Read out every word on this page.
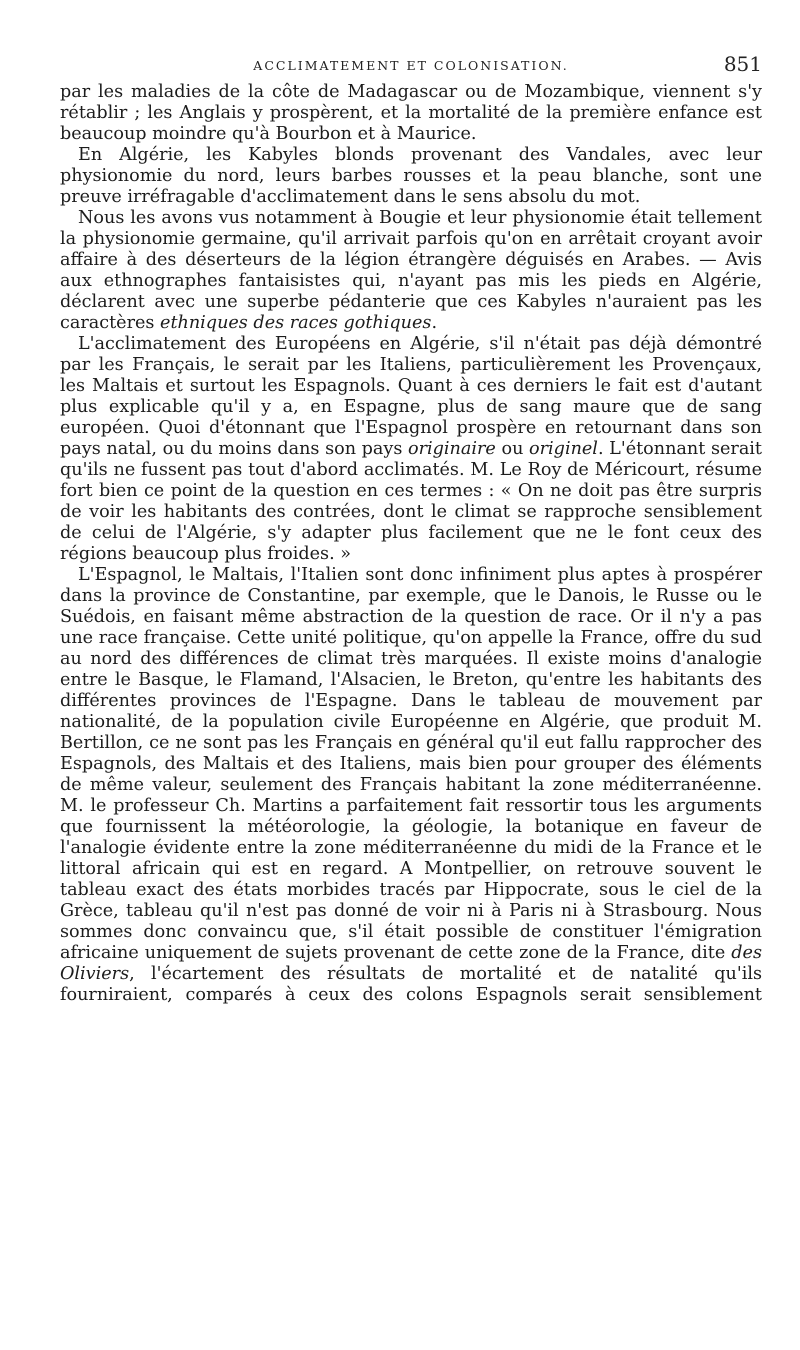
ACCLIMATEMENT ET COLONISATION.	851

par les maladies de la côte de Madagascar ou de Mozambique, viennent s'y rétablir ; les Anglais y prospèrent, et la mortalité de la première enfance est beaucoup moindre qu'à Bourbon et à Maurice.

En Algérie, les Kabyles blonds provenant des Vandales, avec leur physionomie du nord, leurs barbes rousses et la peau blanche, sont une preuve irréfragable d'acclimatement dans le sens absolu du mot.

Nous les avons vus notamment à Bougie et leur physionomie était tellement la physionomie germaine, qu'il arrivait parfois qu'on en arrêtait croyant avoir affaire à des déserteurs de la légion étrangère déguisés en Arabes. — Avis aux ethnographes fantaisistes qui, n'ayant pas mis les pieds en Algérie, déclarent avec une superbe pédanterie que ces Kabyles n'auraient pas les caractères ethniques des races gothiques.

L'acclimatement des Européens en Algérie, s'il n'était pas déjà démontré par les Français, le serait par les Italiens, particulièrement les Provençaux, les Maltais et surtout les Espagnols. Quant à ces derniers le fait est d'autant plus explicable qu'il y a, en Espagne, plus de sang maure que de sang européen. Quoi d'étonnant que l'Espagnol prospère en retournant dans son pays natal, ou du moins dans son pays originaire ou originel. L'étonnant serait qu'ils ne fussent pas tout d'abord acclimatés. M. Le Roy de Méricourt, résume fort bien ce point de la question en ces termes : « On ne doit pas être surpris de voir les habitants des contrées, dont le climat se rapproche sensiblement de celui de l'Algérie, s'y adapter plus facilement que ne le font ceux des régions beaucoup plus froides. »

L'Espagnol, le Maltais, l'Italien sont donc infiniment plus aptes à prospérer dans la province de Constantine, par exemple, que le Danois, le Russe ou le Suédois, en faisant même abstraction de la question de race. Or il n'y a pas une race française. Cette unité politique, qu'on appelle la France, offre du sud au nord des différences de climat très marquées. Il existe moins d'analogie entre le Basque, le Flamand, l'Alsacien, le Breton, qu'entre les habitants des différentes provinces de l'Espagne. Dans le tableau de mouvement par nationalité, de la population civile Européenne en Algérie, que produit M. Bertillon, ce ne sont pas les Français en général qu'il eut fallu rapprocher des Espagnols, des Maltais et des Italiens, mais bien pour grouper des éléments de même valeur, seulement des Français habitant la zone méditerranéenne. M. le professeur Ch. Martins a parfaitement fait ressortir tous les arguments que fournissent la météorologie, la géologie, la botanique en faveur de l'analogie évidente entre la zone méditerranéenne du midi de la France et le littoral africain qui est en regard. A Montpellier, on retrouve souvent le tableau exact des états morbides tracés par Hippocrate, sous le ciel de la Grèce, tableau qu'il n'est pas donné de voir ni à Paris ni à Strasbourg. Nous sommes donc convaincu que, s'il était possible de constituer l'émigration africaine uniquement de sujets provenant de cette zone de la France, dite des Oliviers, l'écartement des résultats de mortalité et de natalité qu'ils fourniraient, comparés à ceux des colons Espagnols serait sensiblement
